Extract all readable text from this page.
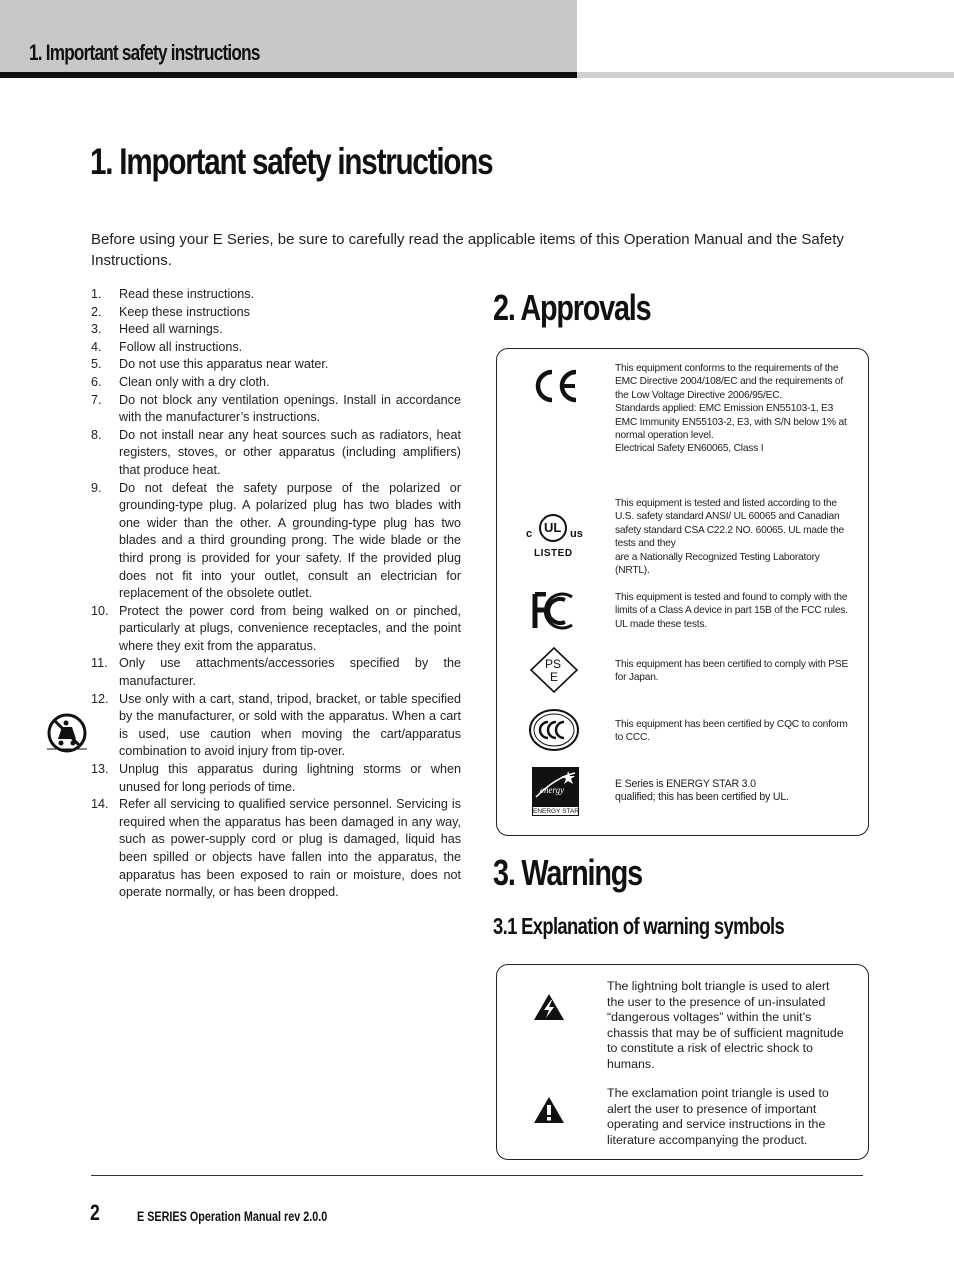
1. Important safety instructions
1. Important safety instructions
Before using your E Series, be sure to carefully read the applicable items of this Operation Manual and the Safety Instructions.
1.	Read these instructions.
2.	Keep these instructions
3.	Heed all warnings.
4.	Follow all instructions.
5.	Do not use this apparatus near water.
6.	Clean only with a dry cloth.
7.	Do not block any ventilation openings. Install in accordance with the manufacturer’s instructions.
8.	Do not install near any heat sources such as radiators, heat registers, stoves, or other apparatus (including amplifiers) that produce heat.
9.	Do not defeat the safety purpose of the polarized or grounding-type plug. A polarized plug has two blades with one wider than the other. A grounding-type plug has two blades and a third grounding prong. The wide blade or the third prong is provided for your safety. If the provided plug does not fit into your outlet, consult an electrician for replacement of the obsolete outlet.
10. Protect the power cord from being walked on or pinched, particularly at plugs, convenience receptacles, and the point where they exit from the apparatus.
11. Only use attachments/accessories specified by the manufacturer.
12. Use only with a cart, stand, tripod, bracket, or table specified by the manufacturer, or sold with the apparatus. When a cart is used, use caution when moving the cart/apparatus combination to avoid injury from tip-over.
13. Unplug this apparatus during lightning storms or when unused for long periods of time.
14. Refer all servicing to qualified service personnel. Servicing is required when the apparatus has been damaged in any way, such as power-supply cord or plug is damaged, liquid has been spilled or objects have fallen into the apparatus, the apparatus has been exposed to rain or moisture, does not operate normally, or has been dropped.
2. Approvals
This equipment conforms to the requirements of the EMC Directive 2004/108/EC and the requirements of the Low Voltage Directive 2006/95/EC.
Standards applied: EMC Emission EN55103-1, E3
EMC Immunity EN55103-2, E3, with S/N below 1% at normal operation level.
Electrical Safety EN60065, Class I
UL
c	us
LISTED
This equipment is tested and listed according to the U.S. safety standard ANSI/ UL 60065 and Canadian safety standard CSA C22.2 NO. 60065. UL made the tests and they
are a Nationally Recognized Testing Laboratory (NRTL).
This equipment is tested and found to comply with the limits of a Class A device in part 15B of the FCC rules. UL made these tests.
PS
E
This equipment has been certified to comply with PSE for Japan.
This equipment has been certified by CQC to conform to CCC.
energy
ENERGY STAR
E Series is ENERGY STAR 3.0
qualified; this has been certified by UL.
3. Warnings
3.1 Explanation of warning symbols
The lightning bolt triangle is used to alert the user to the presence of un-insulated “dangerous voltages” within the unit’s chassis that may be of sufficient magnitude to constitute a risk of electric shock to humans.
The exclamation point triangle is used to alert the user to presence of important operating and service instructions in the literature accompanying the product.
2	E SERIES Operation Manual rev 2.0.0
